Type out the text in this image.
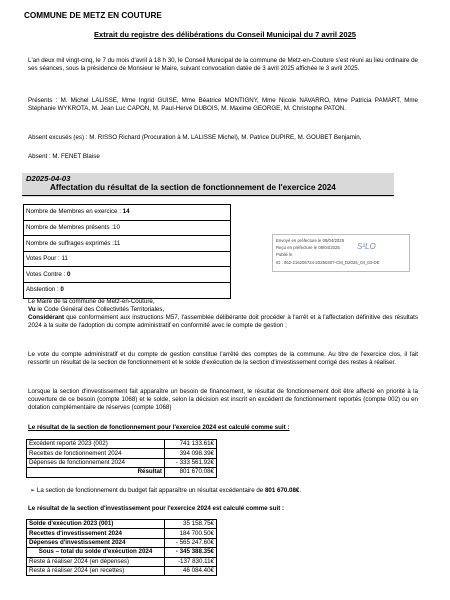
COMMUNE DE METZ EN COUTURE
Extrait du registre des délibérations du Conseil Municipal du 7 avril 2025
L'an deux mil vingt-cinq, le 7 du mois d'avril à 18 h 30, le Conseil Municipal de la commune de Metz-en-Couture s'est réuni au lieu ordinaire de ses séances, sous la présidence de Monsieur le Maire, suivant convocation datée de 3 avril 2025 affichée le 3 avril 2025.
Présents : M. Michel LALISSE, Mme Ingrid GUISE, Mme Béatrice MONTIGNY, Mme Nicole NAVARRO, Mme Patricia PAMART, Mme Stéphanie WYKROTA, M. Jean Luc CAPON, M. Paul-Hervé DUBOIS, M. Maxime GEORGE, M. Christophe PATON.
Absent excusés (es) : M. RISSO Richard (Procuration à M. LALISSE Michel), M. Patrice DUPIRE, M. GOUBET Benjamin,
Absent : M. FENET Blaise
D2025-04-03
Affectation du résultat de la section de fonctionnement de l'exercice 2024
Nombre de Membres en exercice : 14
Nombre de Membres présents :10
Nombre de suffrages exprimés :11
Votes Pour : 11
Votes Contre : 0
Abstention : 0
Envoyé en préfecture le 08/04/2025
Reçu en préfecture le 08/04/2025
Publié le
ID : 062-216205724-20250407-CM_D2025_04_03-DE
S²LO
Le Maire de la commune de Metz-en-Couture,
Vu le Code Général des Collectivités Territoriales,
Considérant que conformément aux instructions M57, l'assemblée délibérante doit procéder à l'arrêt et à l'affectation définitive des résultats 2024 à la suite de l'adoption du compte administratif en conformité avec le compte de gestion ;
Le vote du compte administratif et du compte de gestion constitue l'arrêté des comptes de la commune. Au titre de l'exercice clos, il fait ressortir un résultat de la section de fonctionnement et le solde d'exécution de la section d'investissement corrigé des restes à réaliser.
Lorsque la section d'investissement fait apparaître un besoin de financement, le résultat de fonctionnement doit être affecté en priorité à la couverture de ce besoin (compte 1068) et le solde, selon la décision est inscrit en excédent de fonctionnement reportés (compte 002) ou en dotation complémentaire de réserves (compte 1068)
Le résultat de la section de fonctionnement pour l'exercice 2024 est calculé comme suit :
Excédent reporté 2023 (002)	741 133.61€
Recettes de fonctionnement 2024	394 098.39€
Dépenses de fonctionnement 2024	- 333 561.92€
Résultat	801 670.08€
➢ La section de fonctionnement du budget fait apparaître un résultat excédentaire de 801 670.08€.
Le résultat de la section d'investissement pour l'exercice 2024 est calculé comme suit :
Solde d'exécution 2023 (001)	35 158.75€
Recettes d'investissement 2024	184 700.50€
Dépenses d'investissement 2024	- 565 247.60€
Sous – total du solde d'exécution 2024	- 345 388.35€
Reste à réaliser 2024 (en dépenses)	-137 830.11€
Reste à réaliser 2024 (en recettes)	46 084.40€
